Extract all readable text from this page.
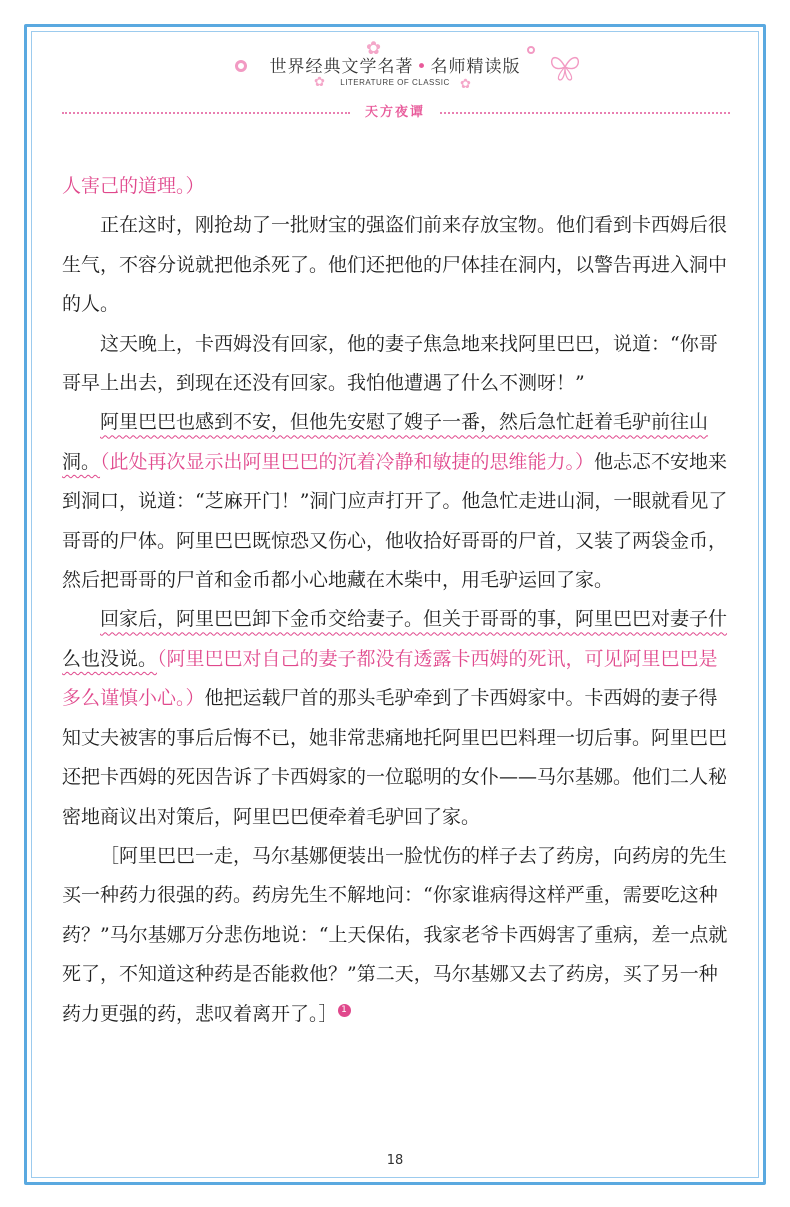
✿
✿	✿
世界经典文学名著 • 名师精读版
LITERATURE OF CLASSIC
天方夜谭

人害己的道理。）

正在这时，刚抢劫了一批财宝的强盗们前来存放宝物。他们看到卡西姆后很生气，不容分说就把他杀死了。他们还把他的尸体挂在洞内，以警告再进入洞中的人。

这天晚上，卡西姆没有回家，他的妻子焦急地来找阿里巴巴，说道：“你哥哥早上出去，到现在还没有回家。我怕他遭遇了什么不测呀！”

阿里巴巴也感到不安，但他先安慰了嫂子一番，然后急忙赶着毛驴前往山洞。（此处再次显示出阿里巴巴的沉着冷静和敏捷的思维能力。）他忐忑不安地来到洞口，说道：“芝麻开门！”洞门应声打开了。他急忙走进山洞，一眼就看见了哥哥的尸体。阿里巴巴既惊恐又伤心，他收拾好哥哥的尸首，又装了两袋金币，然后把哥哥的尸首和金币都小心地藏在木柴中，用毛驴运回了家。

回家后，阿里巴巴卸下金币交给妻子。但关于哥哥的事，阿里巴巴对妻子什么也没说。（阿里巴巴对自己的妻子都没有透露卡西姆的死讯，可见阿里巴巴是多么谨慎小心。）他把运载尸首的那头毛驴牵到了卡西姆家中。卡西姆的妻子得知丈夫被害的事后后悔不已，她非常悲痛地托阿里巴巴料理一切后事。阿里巴巴还把卡西姆的死因告诉了卡西姆家的一位聪明的女仆——马尔基娜。他们二人秘密地商议出对策后，阿里巴巴便牵着毛驴回了家。

［阿里巴巴一走，马尔基娜便装出一脸忧伤的样子去了药房，向药房的先生买一种药力很强的药。药房先生不解地问：“你家谁病得这样严重，需要吃这种药？”马尔基娜万分悲伤地说：“上天保佑，我家老爷卡西姆害了重病，差一点就死了，不知道这种药是否能救他？”第二天，马尔基娜又去了药房，买了另一种药力更强的药，悲叹着离开了。］ 1

18
